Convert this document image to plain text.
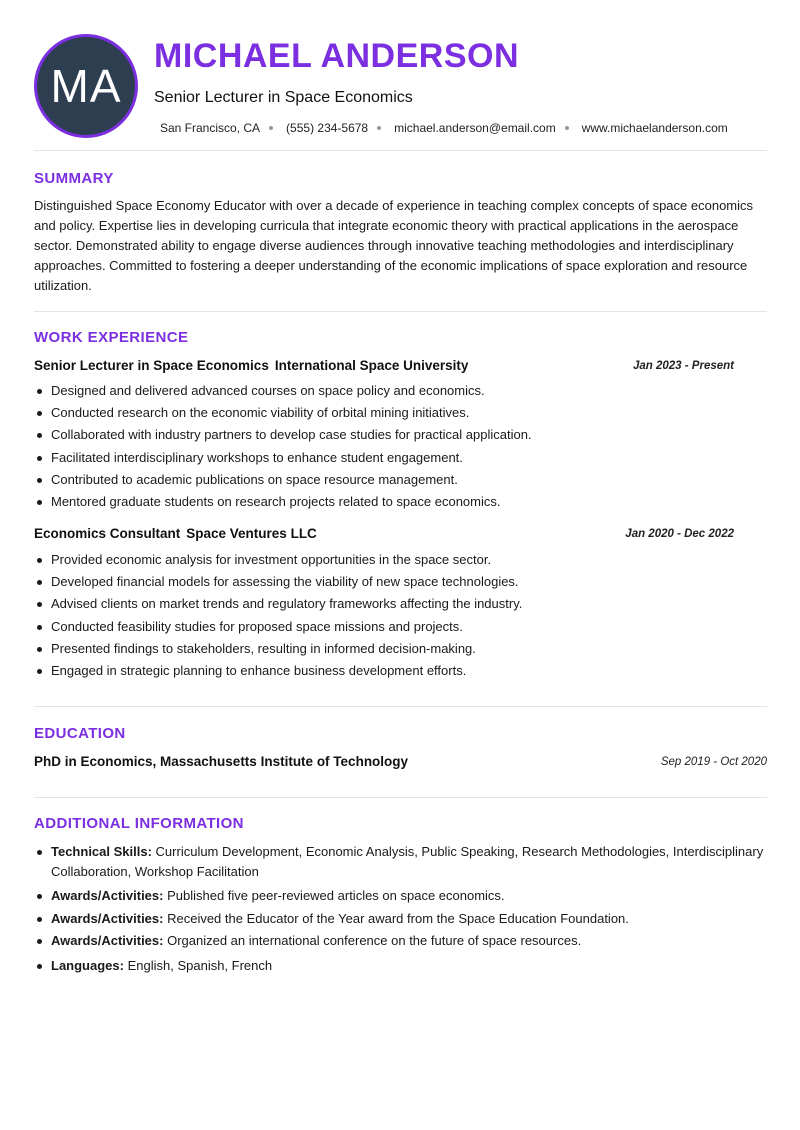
MA
MICHAEL ANDERSON
Senior Lecturer in Space Economics
San Francisco, CA (555) 234-5678 michael.anderson@email.com www.michaelanderson.com
SUMMARY

Distinguished Space Economy Educator with over a decade of experience in teaching complex concepts of space economics and policy. Expertise lies in developing curricula that integrate economic theory with practical applications in the aerospace sector. Demonstrated ability to engage diverse audiences through innovative teaching methodologies and interdisciplinary approaches. Committed to fostering a deeper understanding of the economic implications of space exploration and resource utilization.

WORK EXPERIENCE
Senior Lecturer in Space Economics International Space University	Jan 2023 - Present
Designed and delivered advanced courses on space policy and economics.
Conducted research on the economic viability of orbital mining initiatives.
Collaborated with industry partners to develop case studies for practical application.
Facilitated interdisciplinary workshops to enhance student engagement.
Contributed to academic publications on space resource management.
Mentored graduate students on research projects related to space economics.
Economics Consultant Space Ventures LLC	Jan 2020 - Dec 2022
Provided economic analysis for investment opportunities in the space sector.
Developed financial models for assessing the viability of new space technologies.
Advised clients on market trends and regulatory frameworks affecting the industry.
Conducted feasibility studies for proposed space missions and projects.
Presented findings to stakeholders, resulting in informed decision-making.
Engaged in strategic planning to enhance business development efforts.
EDUCATION
PhD in Economics, Massachusetts Institute of Technology	Sep 2019 - Oct 2020
ADDITIONAL INFORMATION
Technical Skills: Curriculum Development, Economic Analysis, Public Speaking, Research Methodologies, Interdisciplinary Collaboration, Workshop Facilitation
Awards/Activities: Published five peer-reviewed articles on space economics.
Awards/Activities: Received the Educator of the Year award from the Space Education Foundation.
Awards/Activities: Organized an international conference on the future of space resources.
Languages: English, Spanish, French
